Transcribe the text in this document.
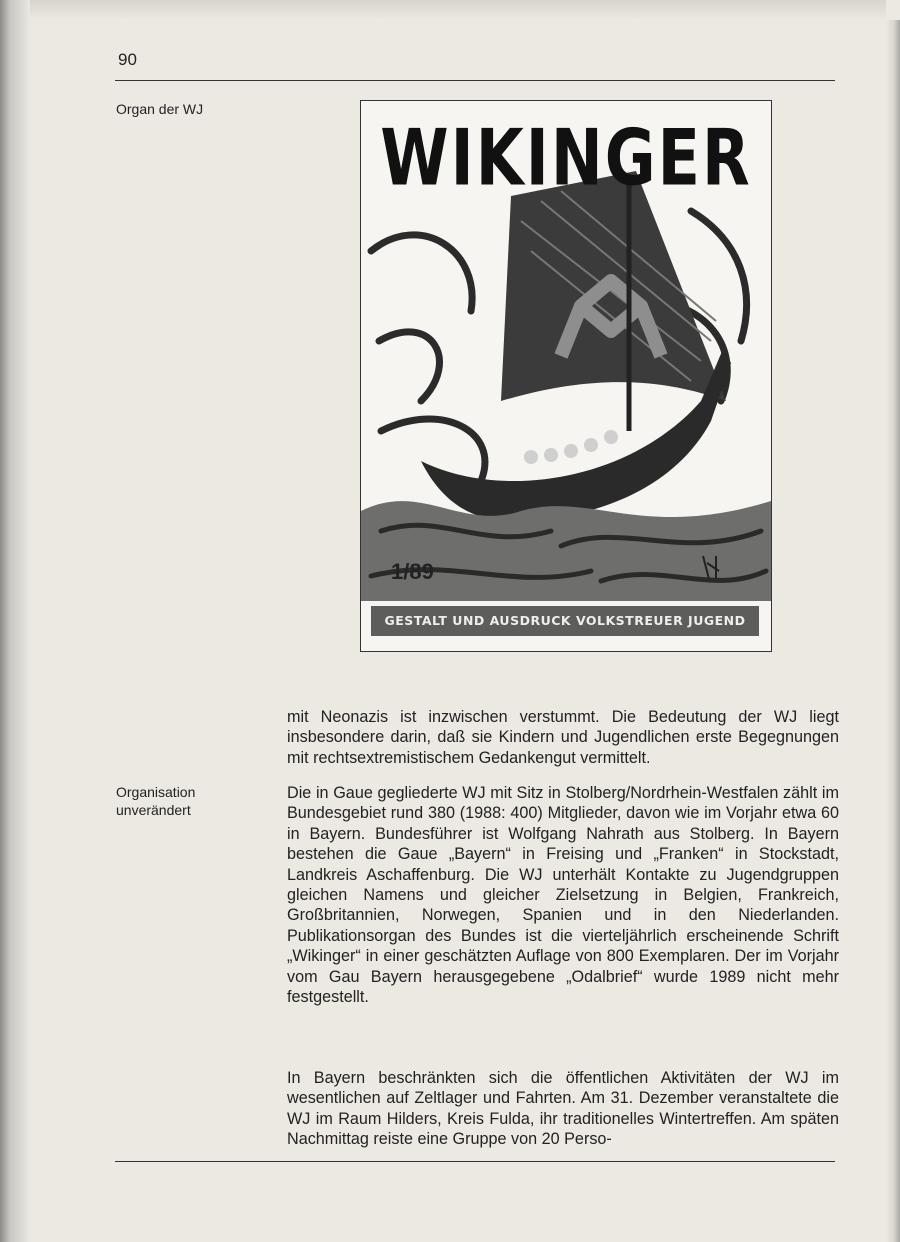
90
Organ der WJ
WIKINGER
1/89
GESTALT UND AUSDRUCK VOLKSTREUER JUGEND
Organisation
unverändert

mit Neonazis ist inzwischen verstummt. Die Bedeutung der WJ liegt insbesondere darin, daß sie Kindern und Jugendlichen erste Begegnungen mit rechtsextremistischem Gedankengut vermittelt.

Die in Gaue gegliederte WJ mit Sitz in Stolberg/Nordrhein-Westfalen zählt im Bundesgebiet rund 380 (1988: 400) Mitglieder, davon wie im Vorjahr etwa 60 in Bayern. Bundesführer ist Wolfgang Nahrath aus Stolberg. In Bayern bestehen die Gaue „Bayern“ in Freising und „Franken“ in Stockstadt, Landkreis Aschaffenburg. Die WJ unterhält Kontakte zu Jugendgruppen gleichen Namens und gleicher Zielsetzung in Belgien, Frankreich, Großbritannien, Norwegen, Spanien und in den Niederlanden. Publikationsorgan des Bundes ist die vierteljährlich erscheinende Schrift „Wikinger“ in einer geschätzten Auflage von 800 Exemplaren. Der im Vorjahr vom Gau Bayern herausgegebene „Odalbrief“ wurde 1989 nicht mehr festgestellt.

In Bayern beschränkten sich die öffentlichen Aktivitäten der WJ im wesentlichen auf Zeltlager und Fahrten. Am 31. Dezember veranstaltete die WJ im Raum Hilders, Kreis Fulda, ihr traditionelles Wintertreffen. Am späten Nachmittag reiste eine Gruppe von 20 Perso-
